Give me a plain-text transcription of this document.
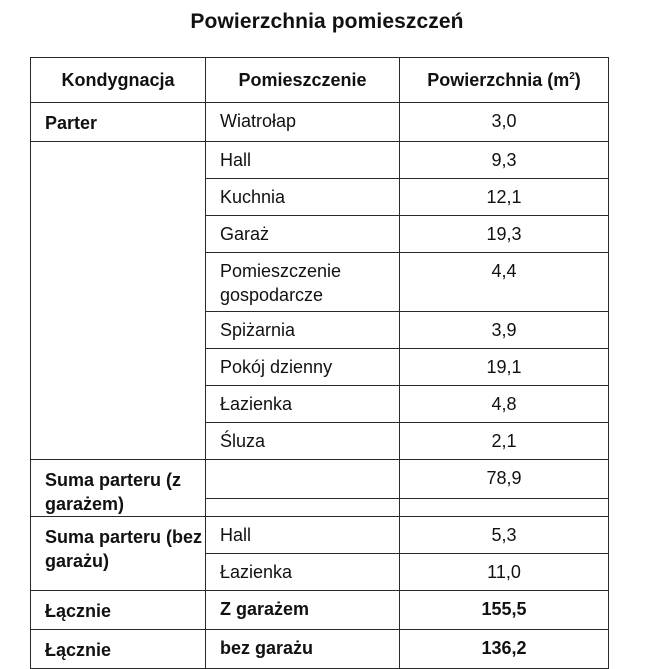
Powierzchnia pomieszczeń
Kondygnacja	Pomieszczenie	Powierzchnia $(m^2)$
Parter	Wiatrołap	3,0
	Hall	9,3
	Kuchnia	12,1
	Garaż	19,3
	Pomieszczenie gospodarcze	4,4
	Spiżarnia	3,9
	Pokój dzienny	19,1
	Łazienka	4,8
	Śluza	2,1
Suma parteru (z garażem)		78,9

Suma parteru (bez garażu)	Hall	5,3
	Łazienka	11,0
Łącznie	Z garażem	155,5
Łącznie	bez garażu	136,2
